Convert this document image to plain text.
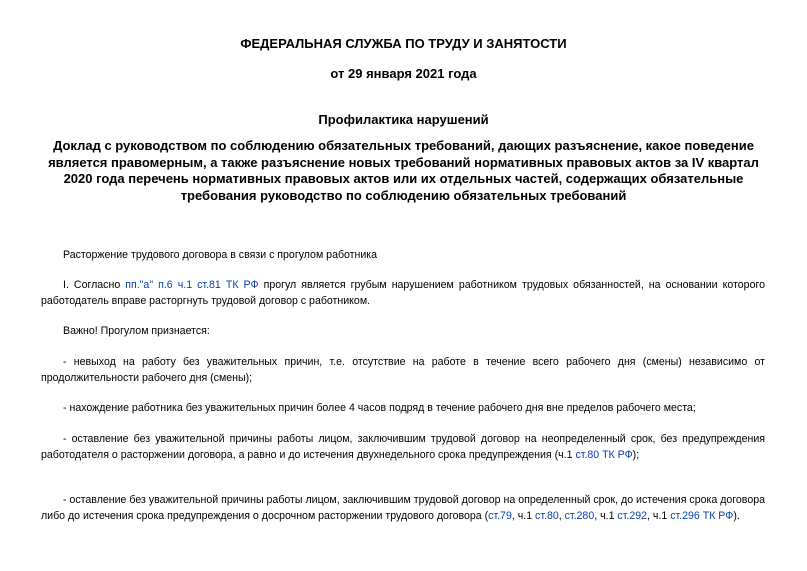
ФЕДЕРАЛЬНАЯ СЛУЖБА ПО ТРУДУ И ЗАНЯТОСТИ
от 29 января 2021 года
Профилактика нарушений
Доклад с руководством по соблюдению обязательных требований, дающих разъяснение, какое поведение является правомерным, а также разъяснение новых требований нормативных правовых актов за IV квартал 2020 года перечень нормативных правовых актов или их отдельных частей, содержащих обязательные требования руководство по соблюдению обязательных требований

Расторжение трудового договора в связи с прогулом работника

I. Согласно пп."а" п.6 ч.1 ст.81 ТК РФ прогул является грубым нарушением работником трудовых обязанностей, на основании которого работодатель вправе расторгнуть трудовой договор с работником.

Важно! Прогулом признается:

- невыход на работу без уважительных причин, т.е. отсутствие на работе в течение всего рабочего дня (смены) независимо от продолжительности рабочего дня (смены);

- нахождение работника без уважительных причин более 4 часов подряд в течение рабочего дня вне пределов рабочего места;

- оставление без уважительной причины работы лицом, заключившим трудовой договор на неопределенный срок, без предупреждения работодателя о расторжении договора, а равно и до истечения двухнедельного срока предупреждения (ч.1 ст.80 ТК РФ);

- оставление без уважительной причины работы лицом, заключившим трудовой договор на определенный срок, до истечения срока договора либо до истечения срока предупреждения о досрочном расторжении трудового договора (ст.79, ч.1 ст.80, ст.280, ч.1 ст.292, ч.1 ст.296 ТК РФ).
